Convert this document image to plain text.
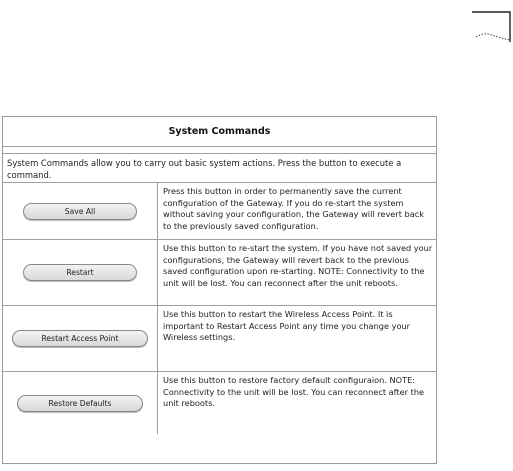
System Commands
System Commands allow you to carry out basic system actions. Press the button to execute a command.
Save All
Press this button in order to permanently save the current configuration of the Gateway. If you do re-start the system without saving your configuration, the Gateway will revert back to the previously saved configuration.
Restart
Use this button to re-start the system. If you have not saved your configurations, the Gateway will revert back to the previous saved configuration upon re-starting. NOTE: Connectivity to the unit will be lost. You can reconnect after the unit reboots.
Restart Access Point
Use this button to restart the Wireless Access Point. It is important to Restart Access Point any time you change your Wireless settings.
Restore Defaults
Use this button to restore factory default configuraion. NOTE: Connectivity to the unit will be lost. You can reconnect after the unit reboots.
